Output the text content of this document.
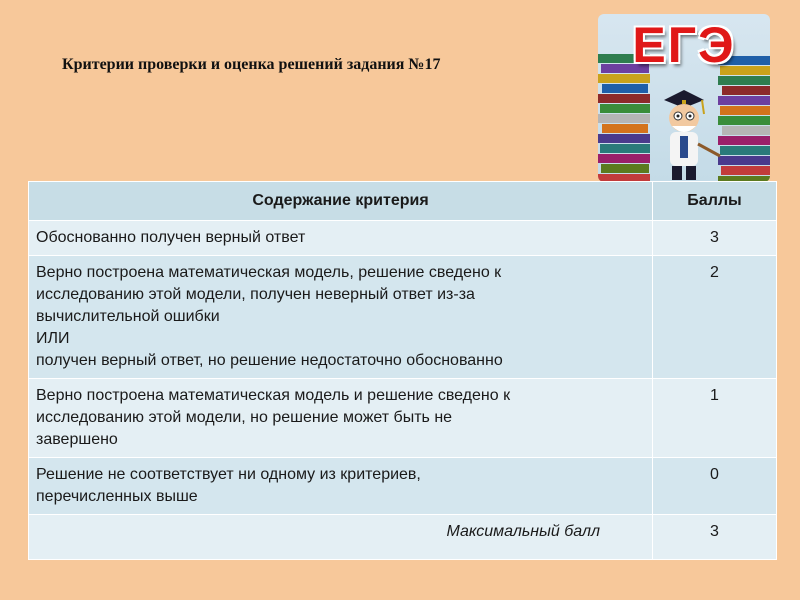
Критерии проверки и оценка решений задания №17	ЕГЭ
Содержание критерия	Баллы

Обоснованно получен верный ответ	3

Верно построена математическая модель, решение сведено к
исследованию этой модели, получен неверный ответ из-за
вычислительной ошибки
ИЛИ
получен верный ответ, но решение недостаточно обоснованно	2

Верно построена математическая модель и решение сведено к
исследованию этой модели, но решение может быть не
завершено	1

Решение не соответствует ни одному из критериев,
перечисленных выше	0
Максимальный балл	3
